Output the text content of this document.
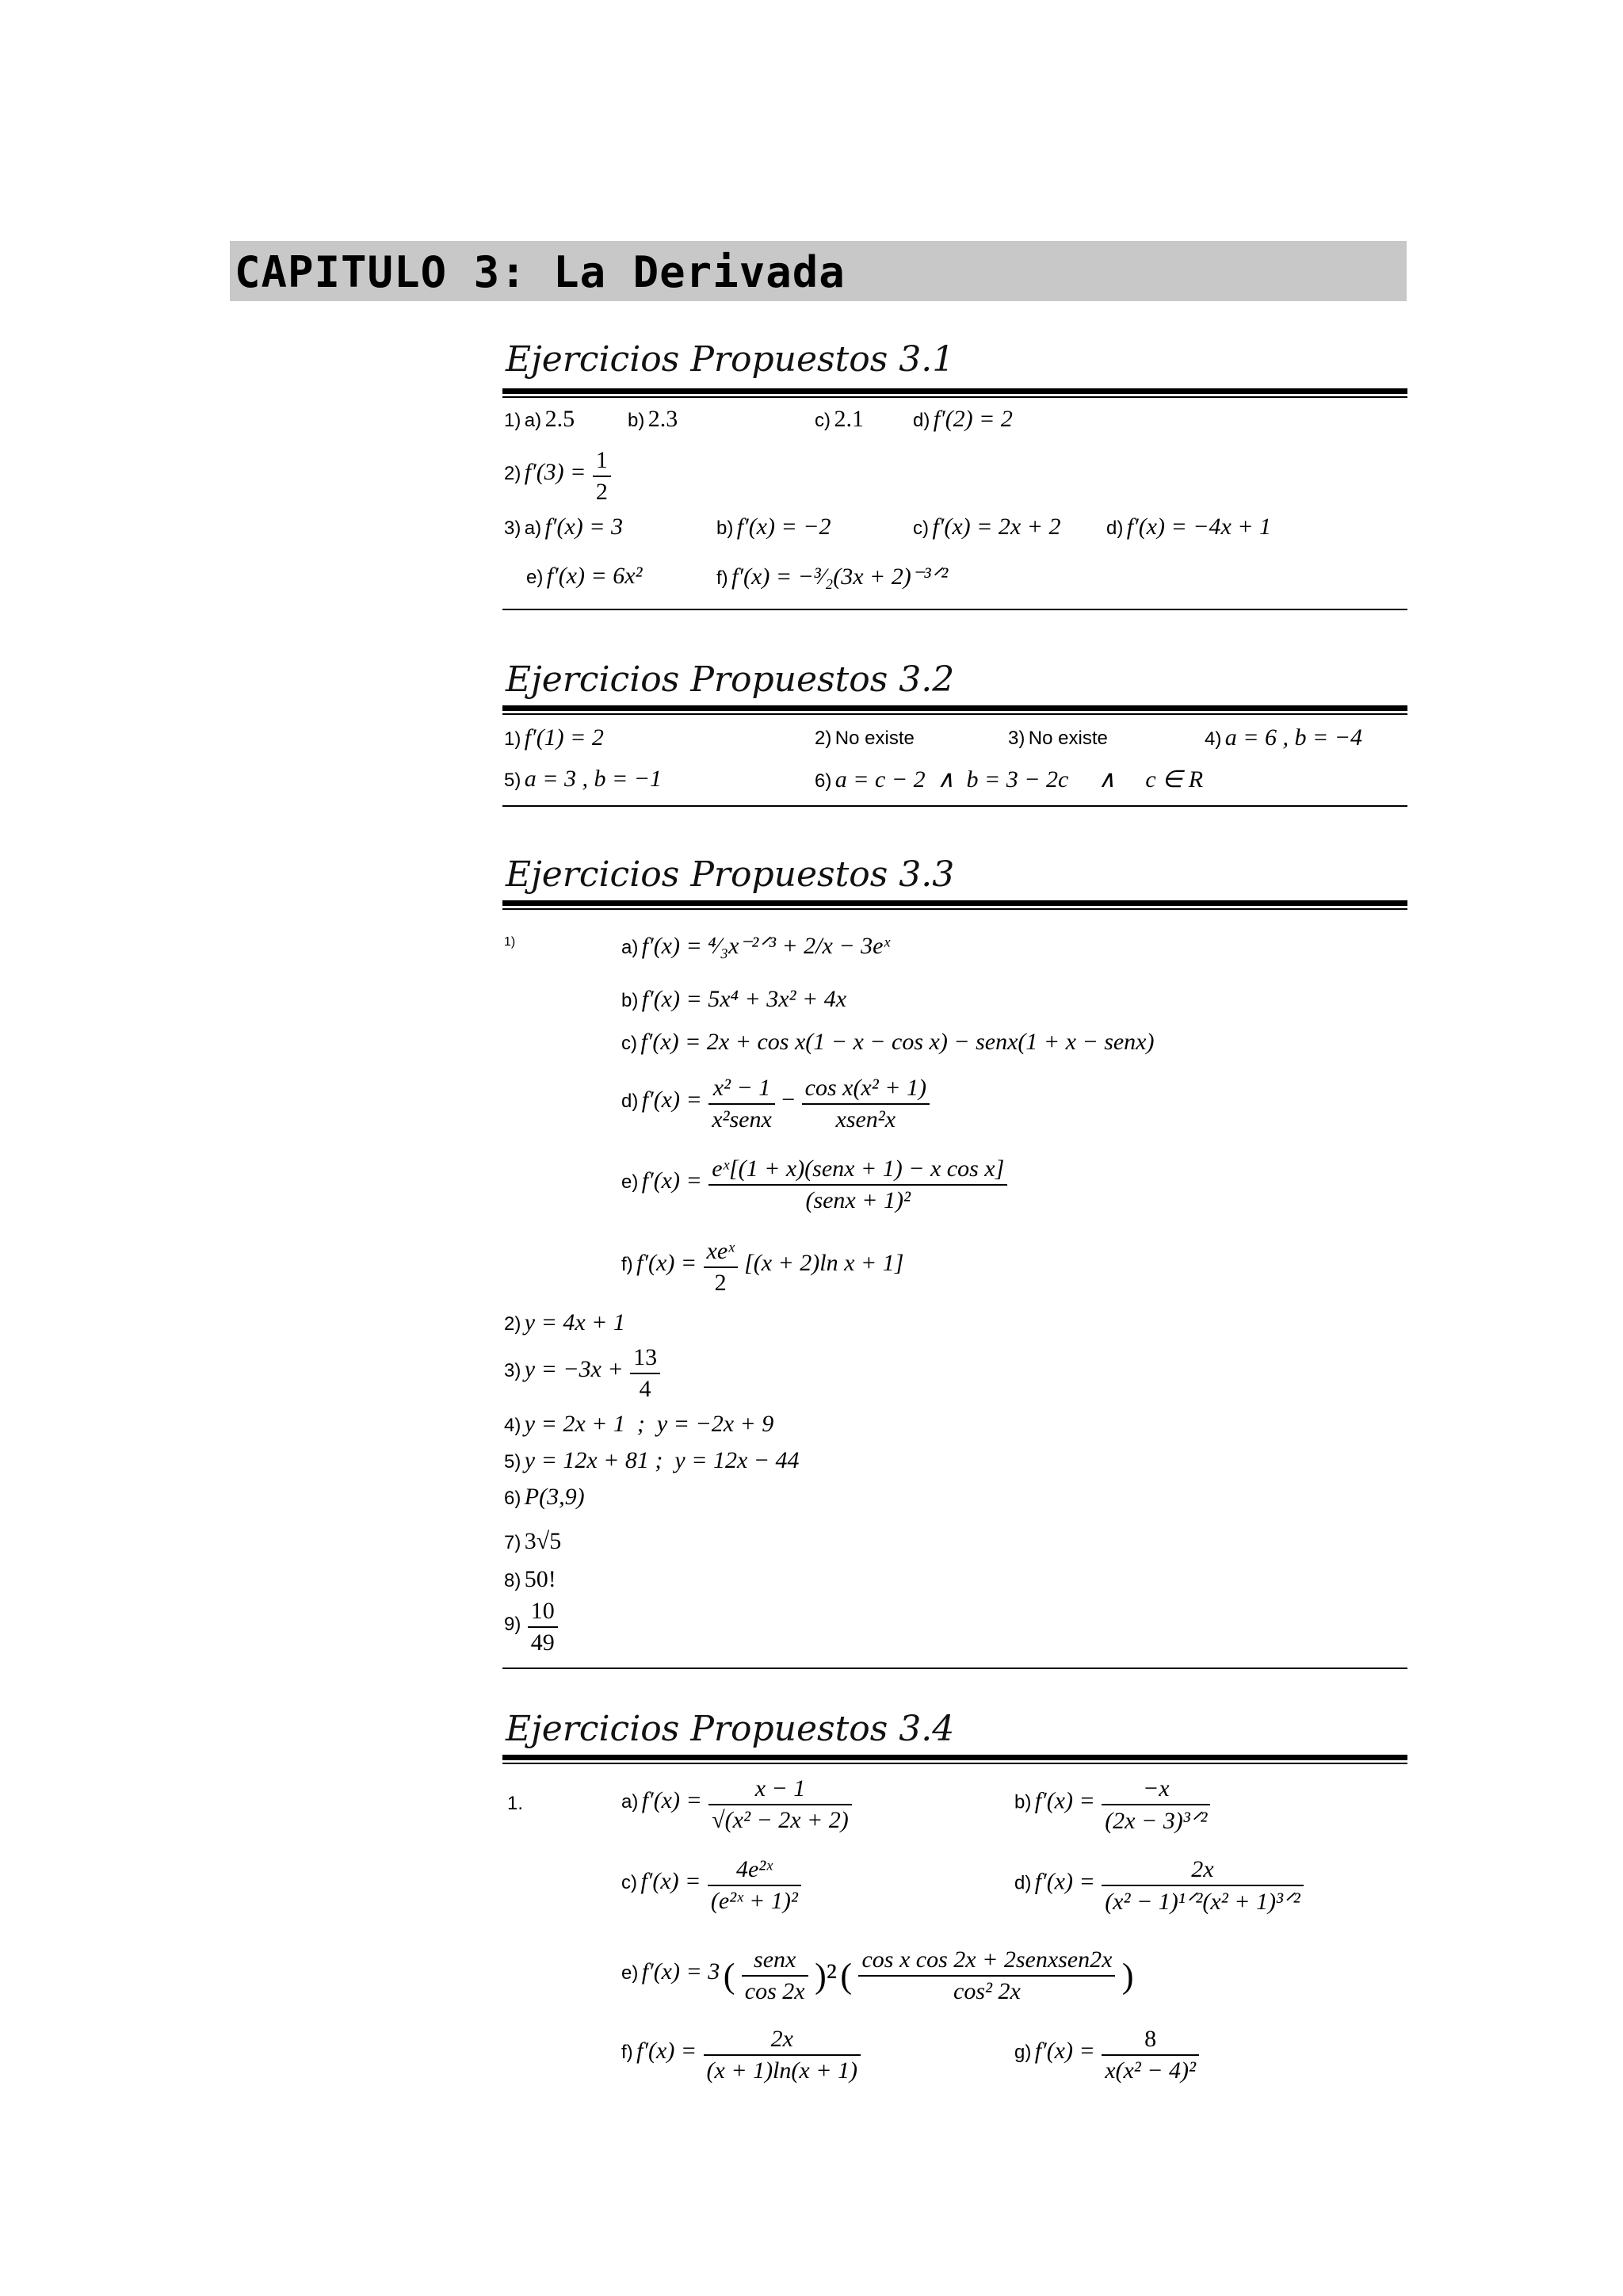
CAPITULO 3: La Derivada
Ejercicios Propuestos 3.1
1) a) 2.5	b) 2.3	c) 2.1	d) f′(2) = 2
2) $f'(3) = \frac{1}{2}$
3) a) f′(x) = 3	b) f′(x) = −2	c) f′(x) = 2x + 2 d) f′(x) = −4x + 1
e) f′(x) = 6x²	f) f′(x) = −³⁄₂(3x + 2)⁻³ᐟ²
Ejercicios Propuestos 3.2
1) f′(1) = 2	2) No existe	3) No existe	4) a = 6 , b = −4
5) a = 3 , b = −1	6) a = c − 2  ∧  b = 3 − 2c     ∧     c ∈ R
Ejercicios Propuestos 3.3
1)	a) f′(x) = ⁴⁄₃x⁻²ᐟ³ + 2/x − 3eˣ
b) f′(x) = 5x⁴ + 3x² + 4x
c) f′(x) = 2x + cos x(1 − x − cos x) − senx(1 + x − senx)
d) $f'(x) = \frac{\text{x² − 1}}{\text{x²senx}} - \frac{\text{cos x(x² + 1)}}{\text{xsen²x}}$
e) $f'(x) = \frac{\text{eˣ[(1 + x)(senx + 1) − x cos x]}}{\text{(senx + 1)²}}$
f) $f'(x) = \frac{\text{xeˣ}}{2} [(x + 2)\ln$ x + 1]
2) y = 4x + 1
3) $y = -3x + \frac{13}{4}$
4) y = 2x + 1  ;  y = −2x + 9
5) y = 12x + 81 ;  y = 12x − 44
6) P(3,9)
7) 3√5
8) 50!
$9) \frac{10}{49}$
Ejercicios Propuestos 3.4
1.	a) $f'(x) = \frac{x - 1}{\text{√(x² − 2x + 2)}}$	b) $f'(x) = \frac{-x}{\text{(2x − 3)³ᐟ²}}$
c) $f'(x) = \frac{\text{4e²ˣ}}{\text{(e²ˣ + 1)²}}$	d) $f'(x) = \frac{2x}{\text{(x² − 1)¹ᐟ²(x² + 1)³ᐟ²}}$
e) f′(x) = 3 ( $\frac{\text{senx}}{\cos 2x} )^2$ ( $\frac{\text{cos x cos 2x + 2senxsen2x}}{\text{cos² 2x}}$ )
f) $f'(x) = \frac{2x}{(x + 1)\ln(x + 1)}$	g) $f'(x) = \frac{8}{\text{x(x² − 4)²}}$
